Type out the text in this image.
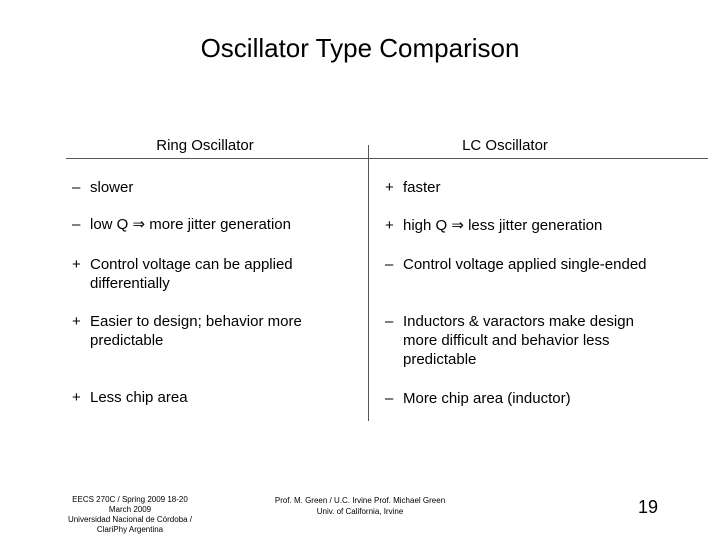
Oscillator Type Comparison
Ring Oscillator	LC Oscillator
– slower
– low Q ⇒ more jitter generation
+ Control voltage can be applied
differentially
+ Easier to design; behavior more
predictable
+ Less chip area
+ faster
+ high Q ⇒ less jitter generation
– Control voltage applied single-ended
– Inductors & varactors make design
more difficult and behavior less
predictable
– More chip area (inductor)
EECS 270C / Spring 2009 18-20
March 2009
Universidad Nacional de Córdoba /
ClariPhy Argentina
Prof. M. Green / U.C. Irvine Prof. Michael Green
Univ. of California, Irvine	19
